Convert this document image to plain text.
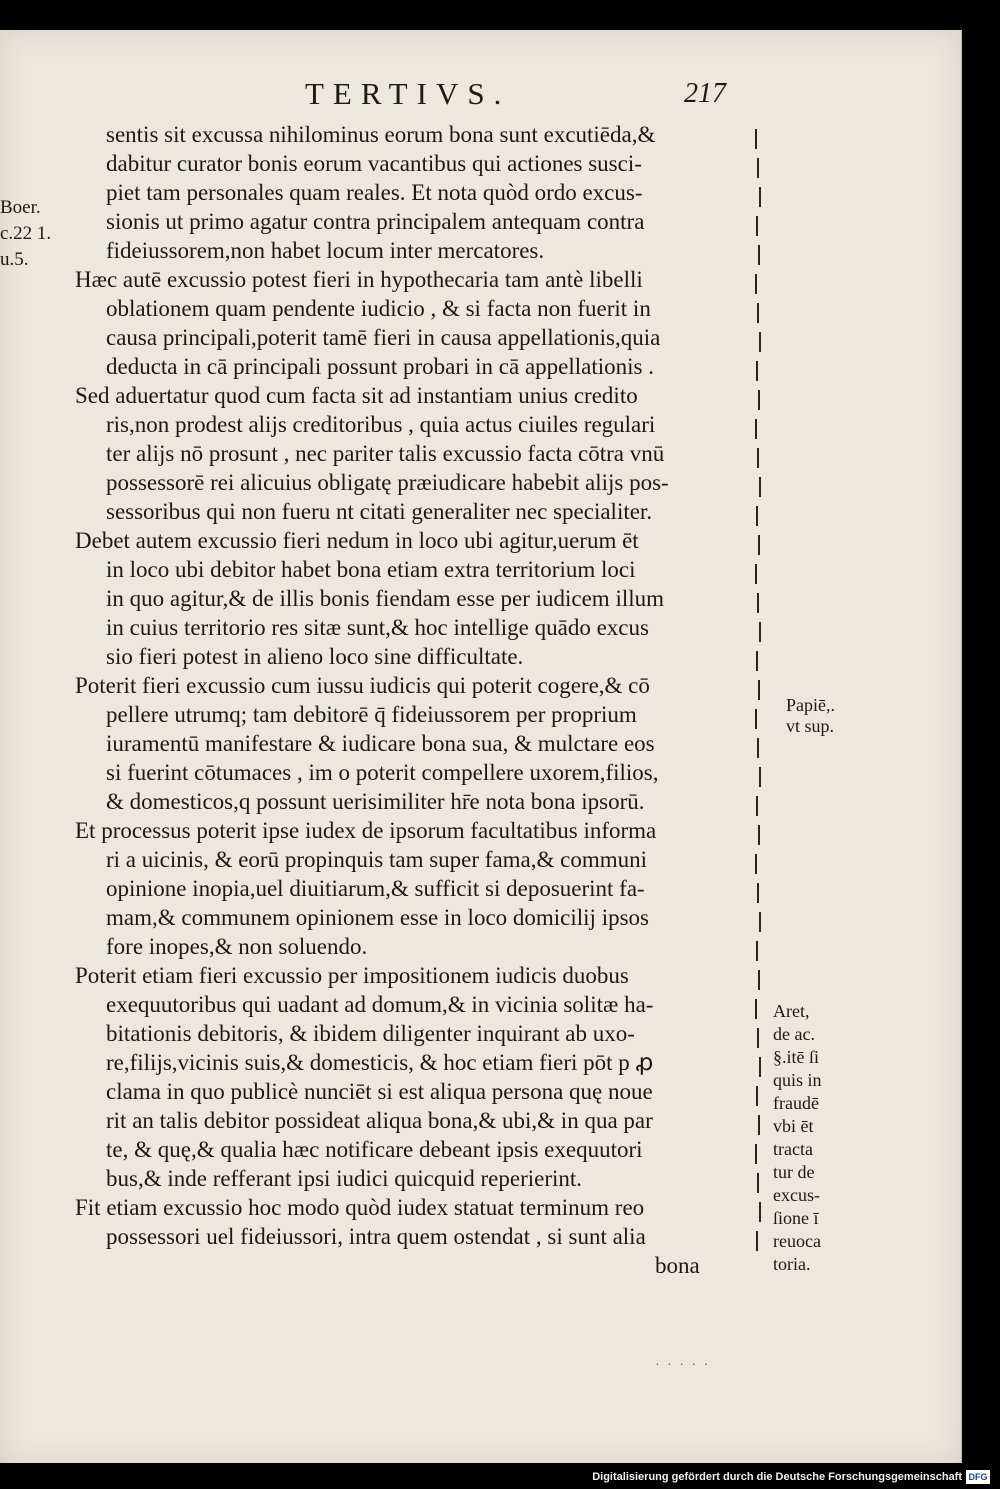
TERTIVS.	217
Boer.
c.22 1.
u.5.
sentis sit excussa nihilominus eorum bona sunt excutiēda,&
dabitur curator bonis eorum vacantibus qui actiones susci-
piet tam personales quam reales. Et nota quòd ordo excus-
sionis ut primo agatur contra principalem antequam contra
fideiussorem,non habet locum inter mercatores.
Hæc autē excussio potest fieri in hypothecaria tam antè libelli
oblationem quam pendente iudicio , & si facta non fuerit in
causa principali,poterit tamē fieri in causa appellationis,quia
deducta in cā principali possunt probari in cā appellationis .
Sed aduertatur quod cum facta sit ad instantiam unius credito
ris,non prodest alijs creditoribus , quia actus ciuiles regulari
ter alijs nō prosunt , nec pariter talis excussio facta cōtra vnū
possessorē rei alicuius obligatę præiudicare habebit alijs pos-
sessoribus qui non fueru nt citati generaliter nec specialiter.
Debet autem excussio fieri nedum in loco ubi agitur,uerum ēt
in loco ubi debitor habet bona etiam extra territorium loci
in quo agitur,& de illis bonis fiendam esse per iudicem illum
in cuius territorio res sitæ sunt,& hoc intellige quādo excus
sio fieri potest in alieno loco sine difficultate.
Poterit fieri excussio cum iussu iudicis qui poterit cogere,& cō
pellere utrumq; tam debitorē q̄ fideiussorem per proprium
iuramentū manifestare & iudicare bona sua, & mulctare eos
si fuerint cōtumaces , im o poterit compellere uxorem,filios,
& domesticos,q possunt uerisimiliter hr̄e nota bona ipsorū.
Et processus poterit ipse iudex de ipsorum facultatibus informa
ri a uicinis, & eorū propinquis tam super fama,& communi
opinione inopia,uel diuitiarum,& sufficit si deposuerint fa-
mam,& communem opinionem esse in loco domicilij ipsos
fore inopes,& non soluendo.
Poterit etiam fieri excussio per impositionem iudicis duobus
exequutoribus qui uadant ad domum,& in vicinia solitæ ha-
bitationis debitoris, & ibidem diligenter inquirant ab uxo-
re,filijs,vicinis suis,& domesticis, & hoc etiam fieri pōt p ꝓ
clama in quo publicè nunciēt si est aliqua persona quę noue
rit an talis debitor possideat aliqua bona,& ubi,& in qua par
te, & quę,& qualia hæc notificare debeant ipsis exequutori
bus,& inde refferant ipsi iudici quicquid reperierint.
Fit etiam excussio hoc modo quòd iudex statuat terminum reo
possessori uel fideiussori, intra quem ostendat , si sunt alia
bona
Papiē,.
vt sup.
Aret,
de ac.
§.itē ſi
quis in
fraudē
vbi ēt
tracta
tur de
excus-
ſione ī
reuoca
toria.
· · · · ·
Digitalisierung gefördert durch die Deutsche Forschungsgemeinschaft DFG
